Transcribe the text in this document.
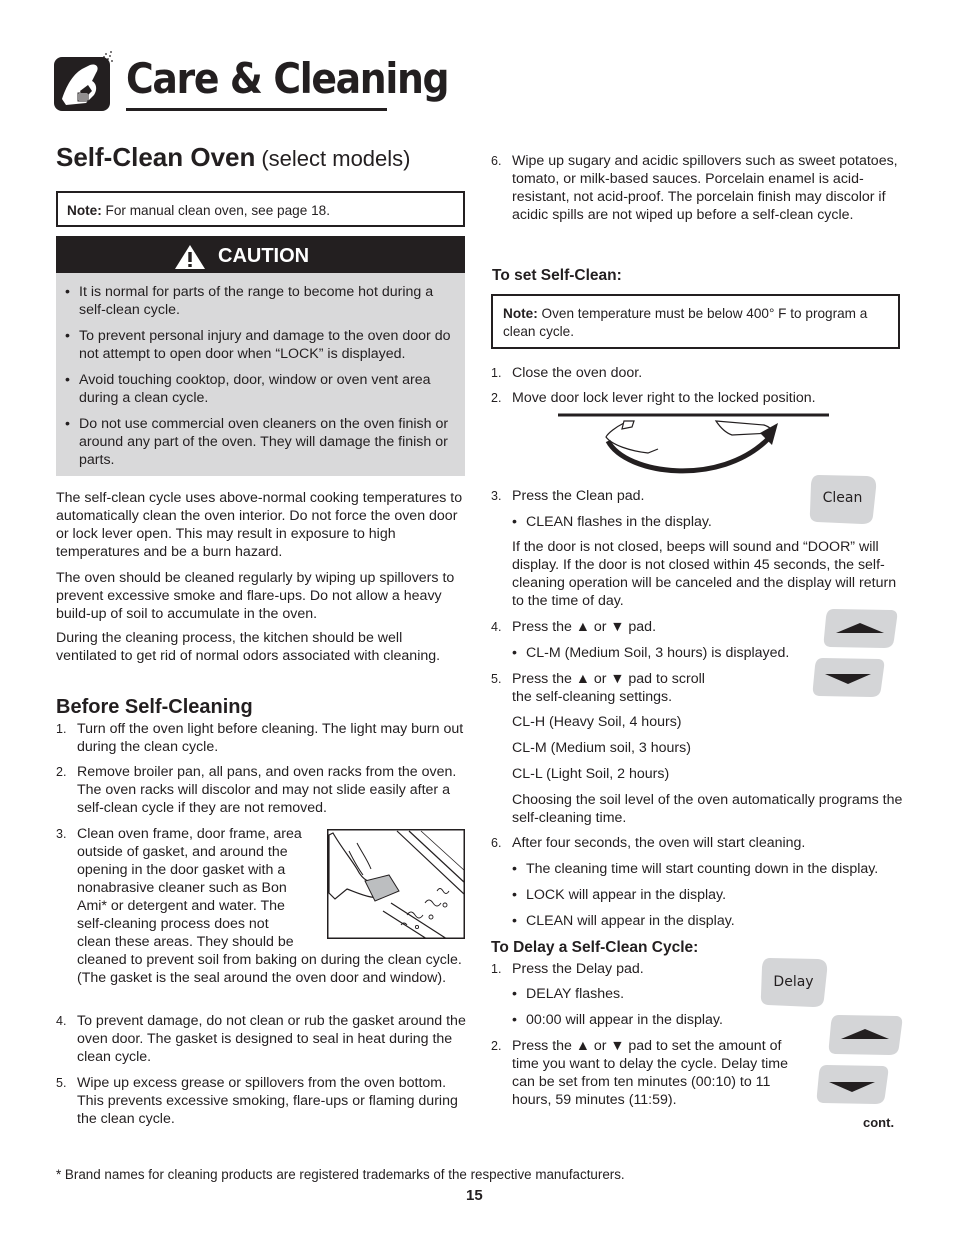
Care & Cleaning
Self-Clean Oven (select models)
Note: For manual clean oven, see page 18.
CAUTION
• It is normal for parts of the range to become hot during a self-clean cycle.
• To prevent personal injury and damage to the oven door do not attempt to open door when “LOCK” is displayed.
• Avoid touching cooktop, door, window or oven vent area during a clean cycle.
• Do not use commercial oven cleaners on the oven finish or around any part of the oven. They will damage the finish or parts.

The self-clean cycle uses above-normal cooking temperatures to automatically clean the oven interior. Do not force the oven door or lock lever open. This may result in exposure to high temperatures and be a burn hazard.

The oven should be cleaned regularly by wiping up spillovers to prevent excessive smoke and flare-ups. Do not allow a heavy build-up of soil to accumulate in the oven.

During the cleaning process, the kitchen should be well ventilated to get rid of normal odors associated with cleaning.

Before Self-Cleaning
1. Turn off the oven light before cleaning. The light may burn out during the clean cycle.
2. Remove broiler pan, all pans, and oven racks from the oven. The oven racks will discolor and may not slide easily after a self-clean cycle if they are not removed.
3. Clean oven frame, door frame, area
outside of gasket, and around the
opening in the door gasket with a
nonabrasive cleaner such as Bon
Ami* or detergent and water. The
self-cleaning process does not
clean these areas. They should be
cleaned to prevent soil from baking on during the clean cycle. (The gasket is the seal around the oven door and window).
4. To prevent damage, do not clean or rub the gasket around the oven door. The gasket is designed to seal in heat during the clean cycle.
5. Wipe up excess grease or spillovers from the oven bottom. This prevents excessive smoking, flare-ups or flaming during the clean cycle.
6. Wipe up sugary and acidic spillovers such as sweet potatoes, tomato, or milk-based sauces. Porcelain enamel is acid-resistant, not acid-proof. The porcelain finish may discolor if acidic spills are not wiped up before a self-clean cycle.
To set Self-Clean:
Note: Oven temperature must be below 400° F to program a clean cycle.
1. Close the oven door.
2. Move door lock lever right to the locked position.
3. Press the Clean pad.
• CLEAN flashes in the display.

If the door is not closed, beeps will sound and “DOOR” will display. If the door is not closed within 45 seconds, the self-cleaning operation will be canceled and the display will return to the time of day.

4. Press the ▲ or ▼ pad.
• CL-M (Medium Soil, 3 hours) is displayed.
5. Press the ▲ or ▼ pad to scroll
the self-cleaning settings.
CL-H (Heavy Soil, 4 hours)
CL-M (Medium soil, 3 hours)
CL-L (Light Soil, 2 hours)

Choosing the soil level of the oven automatically programs the self-cleaning time.

6. After four seconds, the oven will start cleaning.
• The cleaning time will start counting down in the display.
• LOCK will appear in the display.
• CLEAN will appear in the display.
To Delay a Self-Clean Cycle:
1. Press the Delay pad.
• DELAY flashes.
• 00:00 will appear in the display.
2. Press the ▲ or ▼ pad to set the amount of
time you want to delay the cycle. Delay time
can be set from ten minutes (00:10) to 11
hours, 59 minutes (11:59).
Clean
Delay
cont.
* Brand names for cleaning products are registered trademarks of the respective manufacturers.
15
